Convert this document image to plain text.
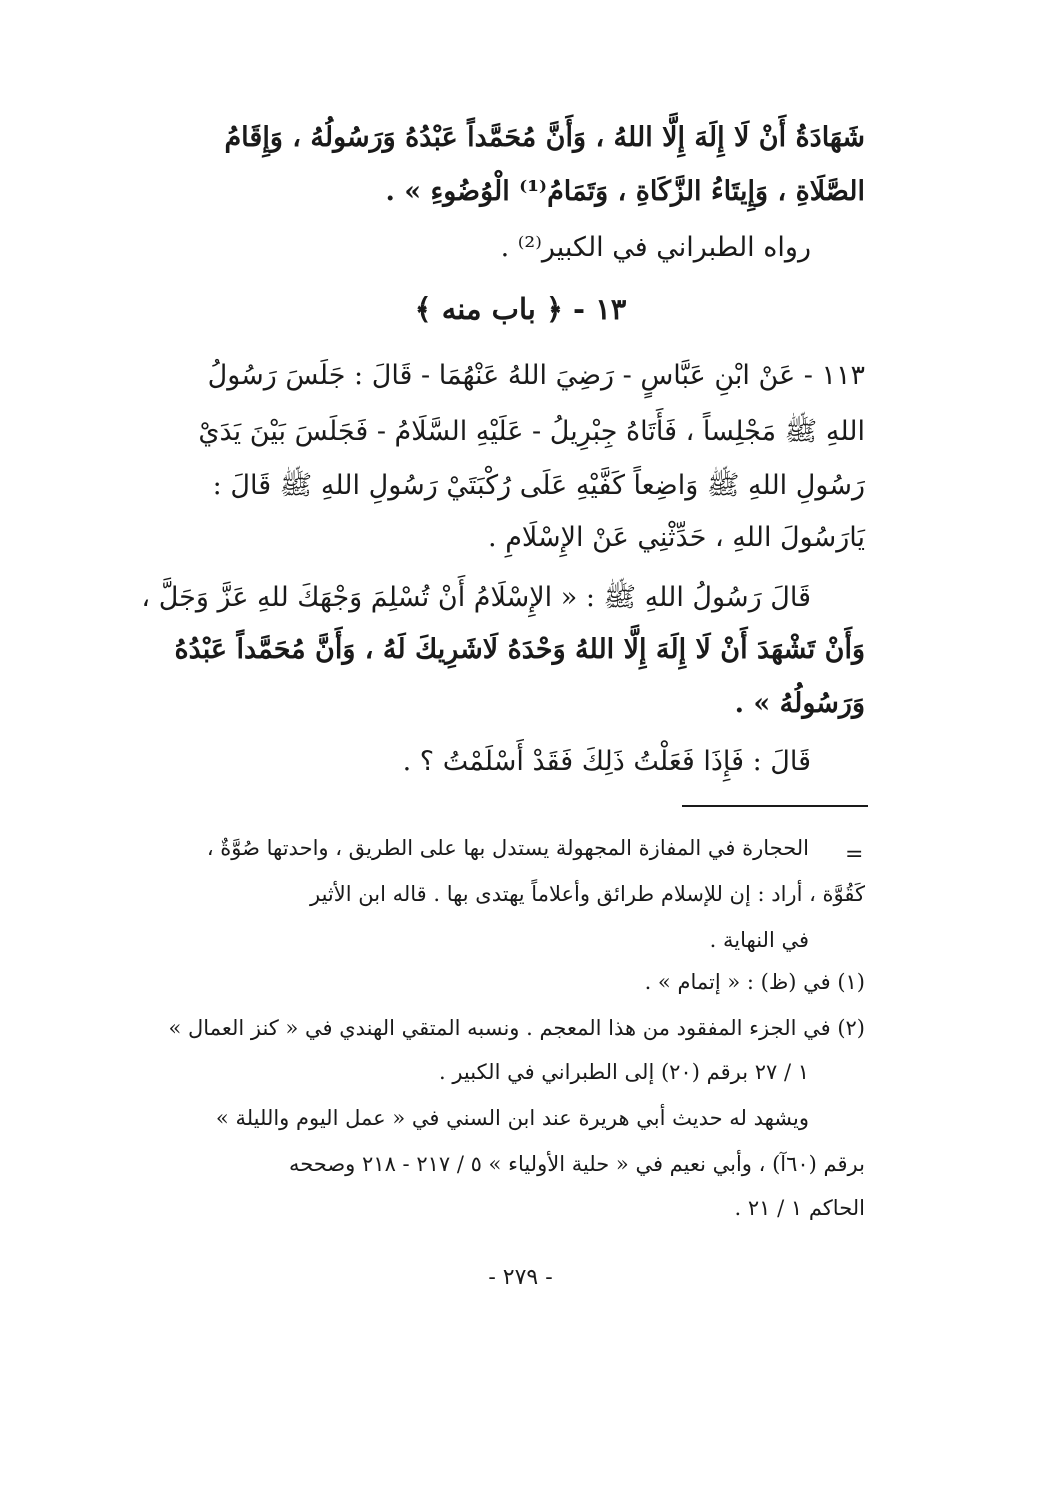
شَهَادَةُ أَنْ لَا إِلَهَ إِلَّا اللهُ ، وَأَنَّ مُحَمَّداً عَبْدُهُ وَرَسُولُهُ ، وَإِقَامُ
الصَّلَاةِ ، وَإِيتَاءُ الزَّكَاةِ ، وَتَمَامُ⁽¹⁾ الْوُضُوءِ » .
رواه الطبراني في الكبير⁽²⁾ .
١٣ - ﴿ باب منه ﴾
١١٣ - عَنْ ابْنِ عَبَّاسٍ - رَضِيَ اللهُ عَنْهُمَا - قَالَ : جَلَسَ رَسُولُ
اللهِ ﷺ مَجْلِساً ، فَأَتَاهُ جِبْرِيلُ - عَلَيْهِ السَّلَامُ - فَجَلَسَ بَيْنَ يَدَيْ
رَسُولِ اللهِ ﷺ وَاضِعاً كَفَّيْهِ عَلَى رُكْبَتَيْ رَسُولِ اللهِ ﷺ قَالَ :
يَارَسُولَ اللهِ ، حَدِّثْنِي عَنْ الإِسْلَامِ .
قَالَ رَسُولُ اللهِ ﷺ : « الإِسْلَامُ أَنْ تُسْلِمَ وَجْهَكَ للهِ عَزَّ وَجَلَّ ،
وَأَنْ تَشْهَدَ أَنْ لَا إِلَهَ إِلَّا اللهُ وَحْدَهُ لَاشَرِيكَ لَهُ ، وَأَنَّ مُحَمَّداً عَبْدُهُ
وَرَسُولُهُ » .
قَالَ : فَإِذَا فَعَلْتُ ذَلِكَ فَقَدْ أَسْلَمْتُ ؟ .
=
الحجارة في المفازة المجهولة يستدل بها على الطريق ، واحدتها صُوَّةٌ ،
كَقُوَّة ، أراد : إن للإسلام طرائق وأعلاماً يهتدى بها . قاله ابن الأثير
في النهاية .
(١) في (ظ) : « إتمام » .
(٢) في الجزء المفقود من هذا المعجم . ونسبه المتقي الهندي في « كنز العمال »
١ / ٢٧ برقم (٢٠) إلى الطبراني في الكبير .
ويشهد له حديث أبي هريرة عند ابن السني في « عمل اليوم والليلة »
برقم (٦٠آ) ، وأبي نعيم في « حلية الأولياء » ٥ / ٢١٧ - ٢١٨ وصححه
الحاكم ١ / ٢١ .
- ٢٧٩ -
